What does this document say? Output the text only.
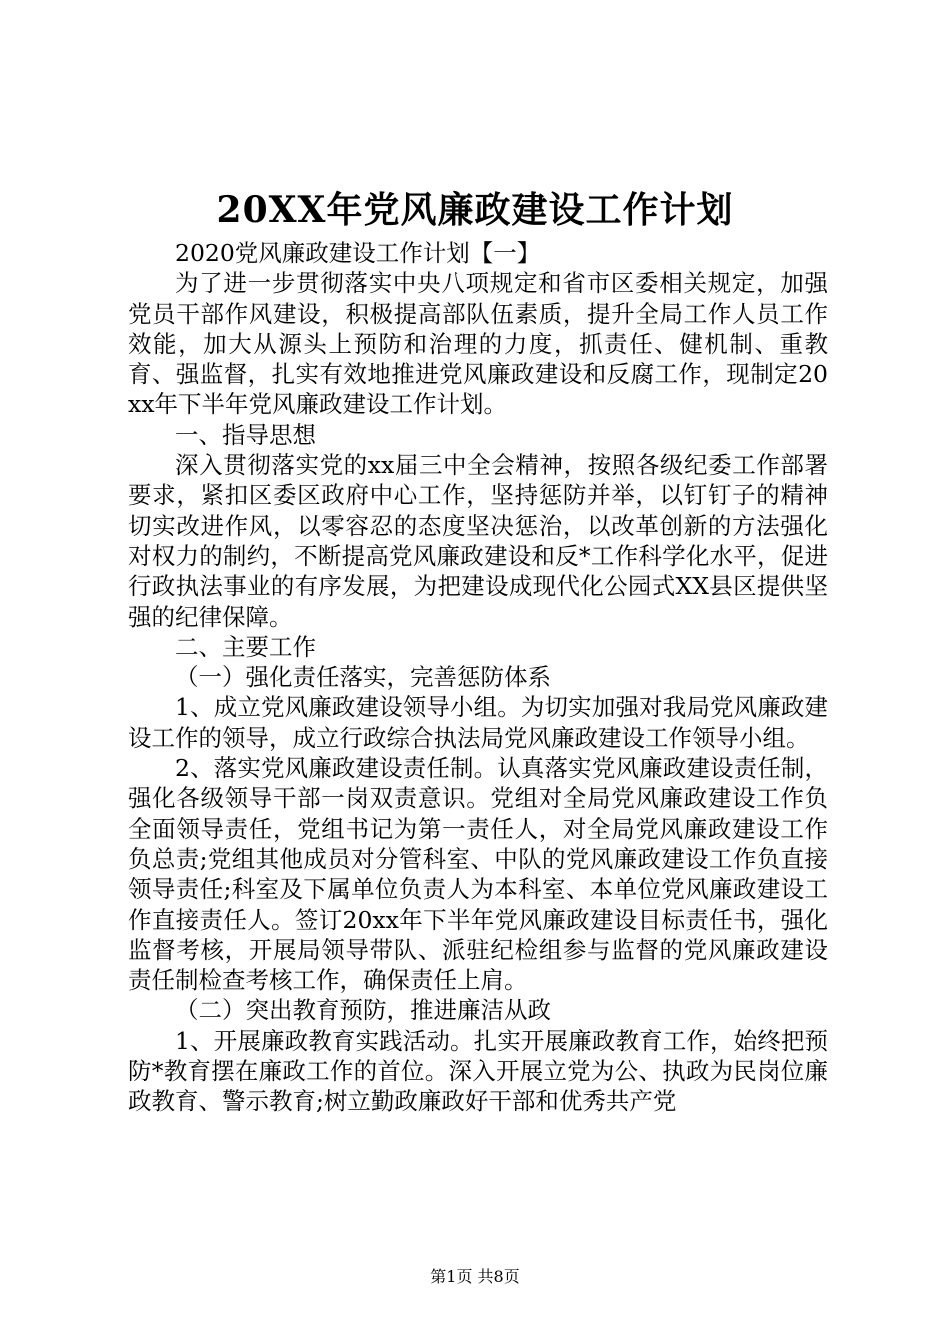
20XX年党风廉政建设工作计划

2020党风廉政建设工作计划【一】

为了进一步贯彻落实中央八项规定和省市区委相关规定，加强党员干部作风建设，积极提高部队伍素质，提升全局工作人员工作效能，加大从源头上预防和治理的力度，抓责任、健机制、重教育、强监督，扎实有效地推进党风廉政建设和反腐工作，现制定20xx年下半年党风廉政建设工作计划。

一、指导思想

深入贯彻落实党的xx届三中全会精神，按照各级纪委工作部署要求，紧扣区委区政府中心工作，坚持惩防并举，以钉钉子的精神切实改进作风，以零容忍的态度坚决惩治，以改革创新的方法强化对权力的制约，不断提高党风廉政建设和反*工作科学化水平，促进行政执法事业的有序发展，为把建设成现代化公园式XX县区提供坚强的纪律保障。

二、主要工作

（一）强化责任落实，完善惩防体系

1、成立党风廉政建设领导小组。为切实加强对我局党风廉政建设工作的领导，成立行政综合执法局党风廉政建设工作领导小组。

2、落实党风廉政建设责任制。认真落实党风廉政建设责任制，强化各级领导干部一岗双责意识。党组对全局党风廉政建设工作负全面领导责任，党组书记为第一责任人，对全局党风廉政建设工作负总责;党组其他成员对分管科室、中队的党风廉政建设工作负直接领导责任;科室及下属单位负责人为本科室、本单位党风廉政建设工作直接责任人。签订20xx年下半年党风廉政建设目标责任书，强化监督考核，开展局领导带队、派驻纪检组参与监督的党风廉政建设责任制检查考核工作，确保责任上肩。

（二）突出教育预防，推进廉洁从政

1、开展廉政教育实践活动。扎实开展廉政教育工作，始终把预防*教育摆在廉政工作的首位。深入开展立党为公、执政为民岗位廉政教育、警示教育;树立勤政廉政好干部和优秀共产党

第1页 共8页
